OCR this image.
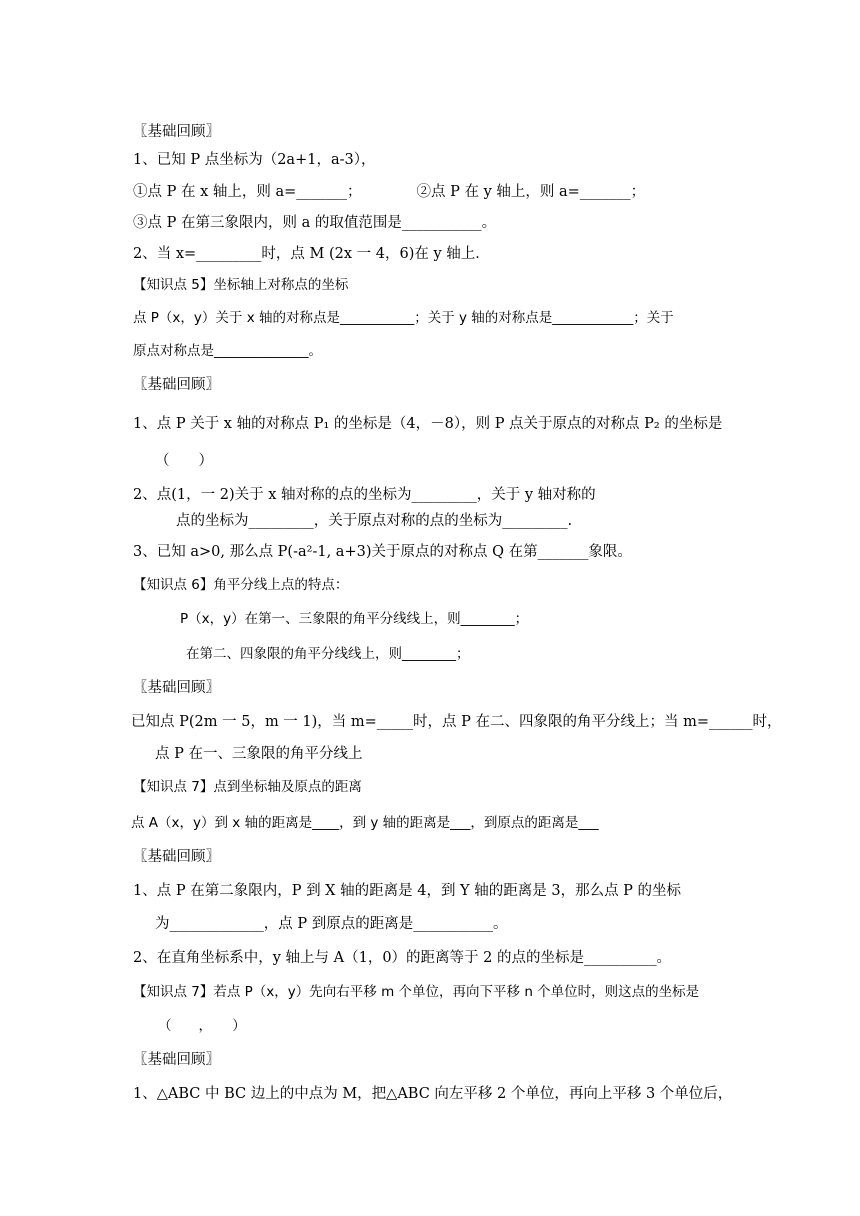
〖基础回顾〗
1、已知 P 点坐标为（2a+1，a-3），
①点 P 在 x 轴上，则 a=_______；	②点 P 在 y 轴上，则 a=_______；
③点 P 在第三象限内，则 a 的取值范围是___________。
2、当 x=_________时，点 M (2x 一 4，6)在 y 轴上．
【知识点 5】坐标轴上对称点的坐标
点 P（x，y）关于 x 轴的对称点是___________；关于 y 轴的对称点是____________；关于
原点对称点是______________。
〖基础回顾〗
1、点 P 关于 x 轴的对称点 P₁ 的坐标是（4，－8），则 P 点关于原点的对称点 P₂ 的坐标是
（　　）
2、点(1，一 2)关于 x 轴对称的点的坐标为_________，关于 y 轴对称的
点的坐标为_________，关于原点对称的点的坐标为_________.
3、已知 a>0, 那么点 P(-a²-1, a+3)关于原点的对称点 Q 在第_______象限。
【知识点 6】角平分线上点的特点：
P（x，y）在第一、三象限的角平分线线上，则________；
在第二、四象限的角平分线线上，则________；
〖基础回顾〗
已知点 P(2m 一 5，m 一 1)，当 m=_____时，点 P 在二、四象限的角平分线上；当 m=______时，
点 P 在一、三象限的角平分线上
【知识点 7】点到坐标轴及原点的距离
点 A（x，y）到 x 轴的距离是____，到 y 轴的距离是___，到原点的距离是___
〖基础回顾〗
1、点 P 在第二象限内，P 到 X 轴的距离是 4，到 Y 轴的距离是 3，那么点 P 的坐标
为_____________，点 P 到原点的距离是___________。
2、在直角坐标系中，y 轴上与 A（1，0）的距离等于 2 的点的坐标是__________。
【知识点 7】若点 P（x，y）先向右平移 m 个单位，再向下平移 n 个单位时，则这点的坐标是
（　　，　　）
〖基础回顾〗
1、△ABC 中 BC 边上的中点为 M，把△ABC 向左平移 2 个单位，再向上平移 3 个单位后，
